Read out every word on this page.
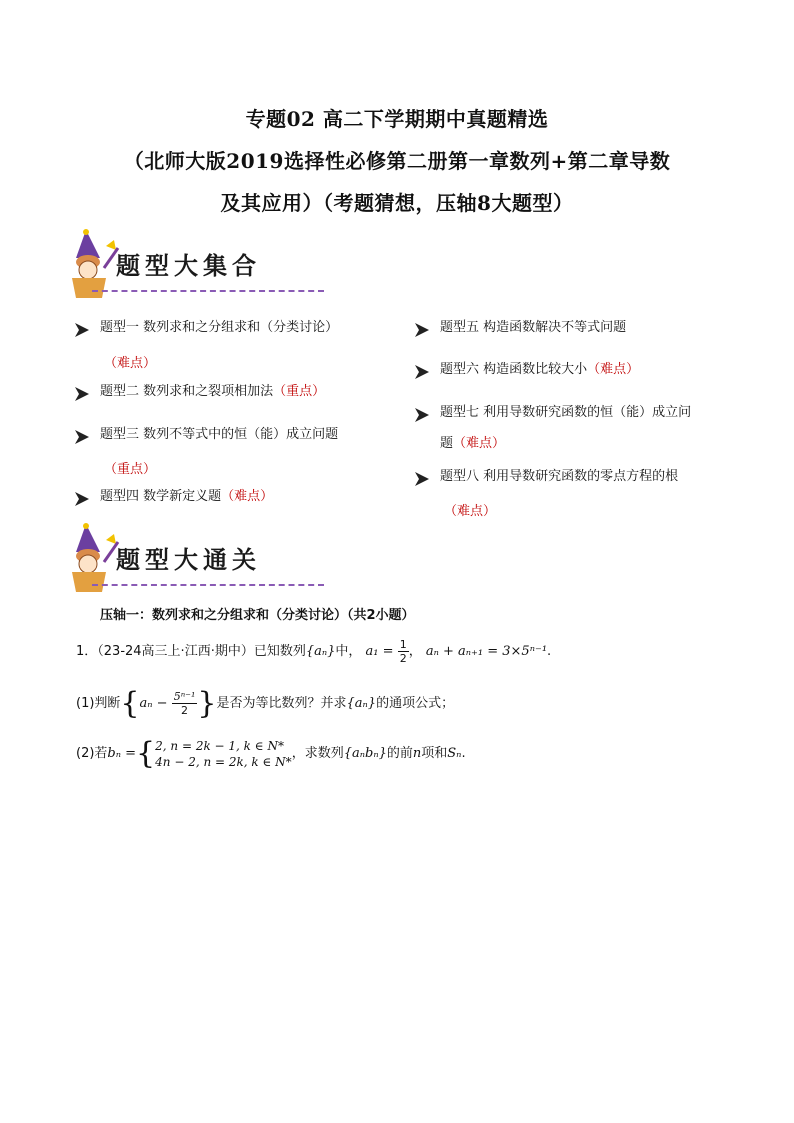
专题02 高二下学期期中真题精选
（北师大版2019选择性必修第二册第一章数列+第二章导数
及其应用）（考题猜想，压轴8大题型）
题型大集合
题型一 数列求和之分组求和（分类讨论）
（难点）
题型二 数列求和之裂项相加法（重点）
题型三 数列不等式中的恒（能）成立问题
（重点）
题型四 数学新定义题（难点）
题型五 构造函数解决不等式问题
题型六 构造函数比较大小（难点）
题型七 利用导数研究函数的恒（能）成立问
题（难点）
题型八 利用导数研究函数的零点方程的根
（难点）
题型大通关
压轴一：数列求和之分组求和（分类讨论）（共2小题）
1．（23-24高三上·江西·期中）已知数列{aₙ}中， $a_1 = \frac{1}{2}$ ， aₙ + aₙ₊₁ = 3×5ⁿ⁻¹.
(1)判断{$a_n - \frac{\text{5ⁿ⁻¹}}{2}$ }是否为等比数列？并求{aₙ}的通项公式；
(2)若bₙ ={ 2, n = 2k − 1, k ∈ N*
4n − 2, n = 2k, k ∈ N*
，求数列{aₙbₙ}的前n项和Sₙ.
